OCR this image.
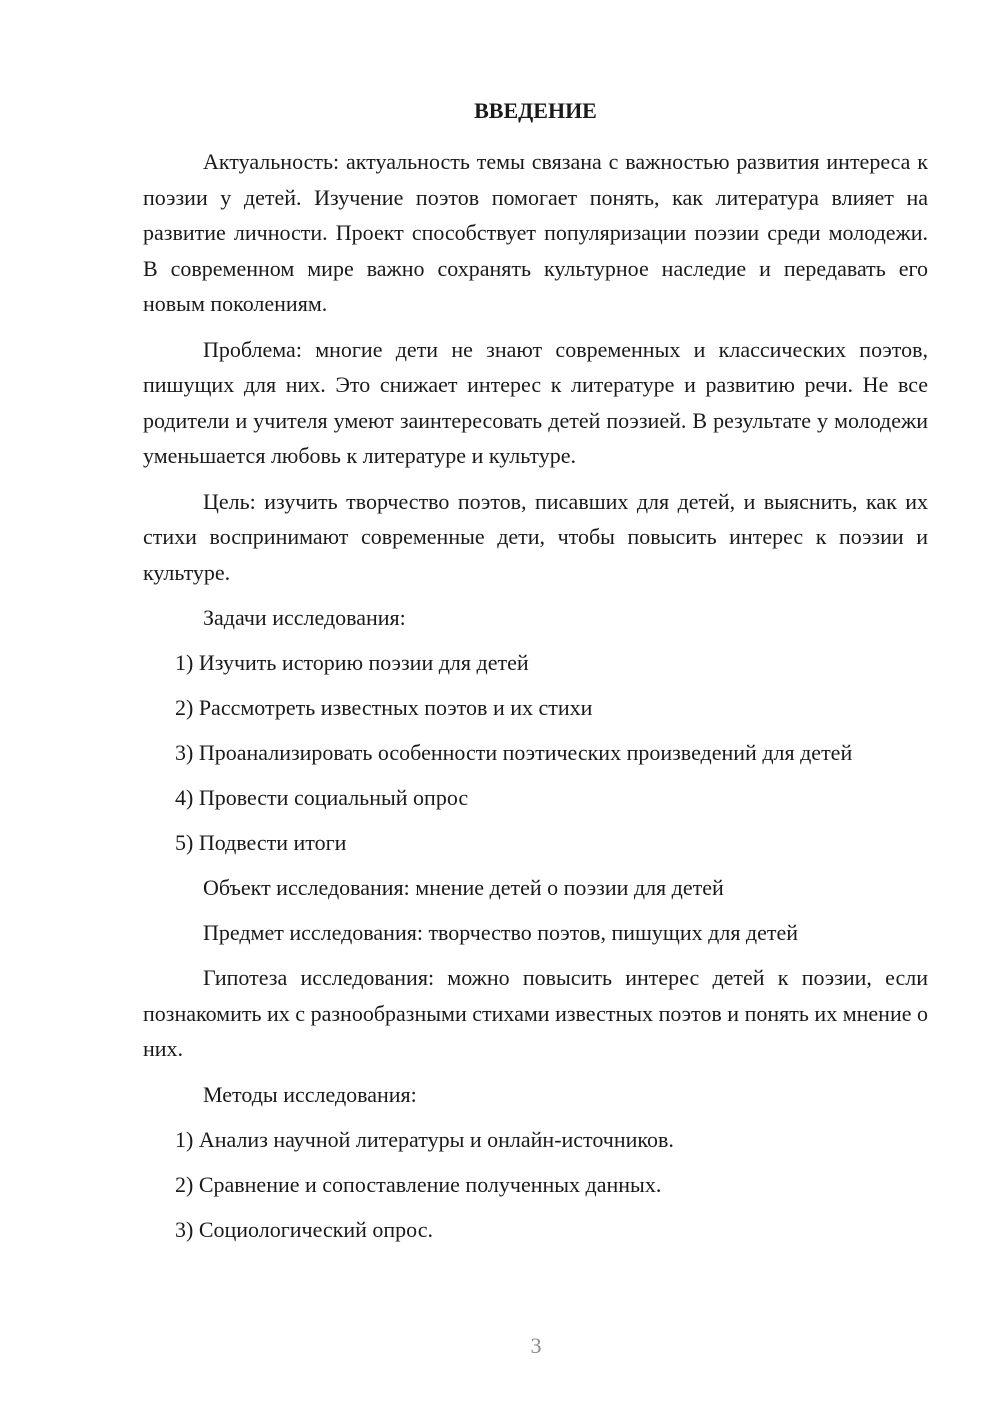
ВВЕДЕНИЕ

Актуальность: актуальность темы связана с важностью развития интереса к поэзии у детей. Изучение поэтов помогает понять, как литература влияет на развитие личности. Проект способствует популяризации поэзии среди молодежи. В современном мире важно сохранять культурное наследие и передавать его новым поколениям.

Проблема: многие дети не знают современных и классических поэтов, пишущих для них. Это снижает интерес к литературе и развитию речи. Не все родители и учителя умеют заинтересовать детей поэзией. В результате у молодежи уменьшается любовь к литературе и культуре.

Цель: изучить творчество поэтов, писавших для детей, и выяснить, как их стихи воспринимают современные дети, чтобы повысить интерес к поэзии и культуре.

Задачи исследования:

1) Изучить историю поэзии для детей

2) Рассмотреть известных поэтов и их стихи

3) Проанализировать особенности поэтических произведений для детей

4) Провести социальный опрос

5) Подвести итоги

Объект исследования: мнение детей о поэзии для детей

Предмет исследования: творчество поэтов, пишущих для детей

Гипотеза исследования: можно повысить интерес детей к поэзии, если познакомить их с разнообразными стихами известных поэтов и понять их мнение о них.

Методы исследования:

1) Анализ научной литературы и онлайн-источников.

2) Сравнение и сопоставление полученных данных.

3) Социологический опрос.

3
